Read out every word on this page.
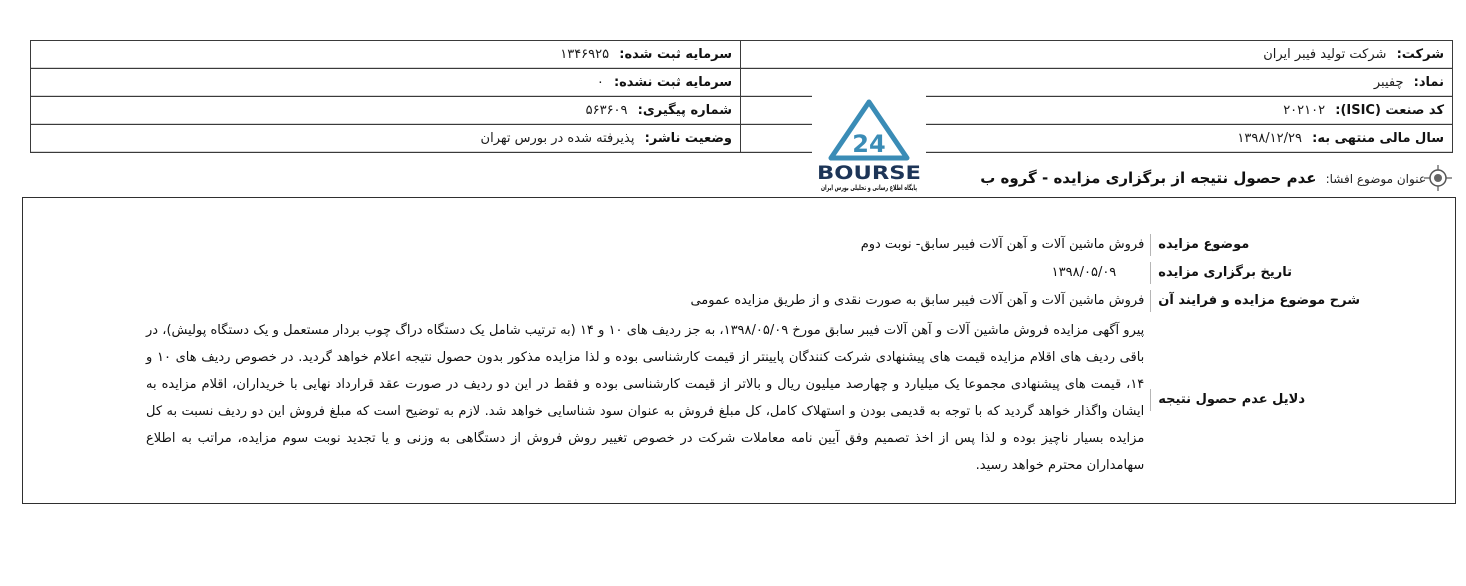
شرکت: شرکت تولید فیبر ایران	سرمایه ثبت شده: ۱۳۴۶۹۲۵
نماد: چفیبر	سرمایه ثبت نشده: ۰
کد صنعت (ISIC): ۲۰۲۱۰۲	شماره پیگیری: ۵۶۳۶۰۹
سال مالی منتهی به: ۱۳۹۸/۱۲/۲۹	وضعیت ناشر: پذیرفته شده در بورس تهران	24
BOURSE
پایگاه اطلاع رسانی و تحلیلی بورس ایران
عنوان موضوع افشا: عدم حصول نتیجه از برگزاری مزایده - گروه ب
موضوع مزایده	فروش ماشین آلات و آهن آلات فیبر سابق- نوبت دوم
تاریخ برگزاری مزایده	۱۳۹۸/۰۵/۰۹
شرح موضوع مزایده و فرایند آن	فروش ماشین آلات و آهن آلات فیبر سابق به صورت نقدی و از طریق مزایده عمومی
دلایل عدم حصول نتیجه	پیرو آگهی مزایده فروش ماشین آلات و آهن آلات فیبر سابق مورخ ۱۳۹۸/۰۵/۰۹، به جز ردیف های ۱۰ و ۱۴ (به ترتیب شامل یک دستگاه دراگ چوب بردار مستعمل و یک دستگاه پولیش)، در باقی ردیف های اقلام مزایده قیمت های پیشنهادی شرکت کنندگان پایینتر از قیمت کارشناسی بوده و لذا مزایده مذکور بدون حصول نتیجه اعلام خواهد گردید. در خصوص ردیف های ۱۰ و ۱۴، قیمت های پیشنهادی مجموعا یک میلیارد و چهارصد میلیون ریال و بالاتر از قیمت کارشناسی بوده و فقط در این دو ردیف در صورت عقد قرارداد نهایی با خریداران، اقلام مزایده به ایشان واگذار خواهد گردید که با توجه به قدیمی بودن و استهلاک کامل، کل مبلغ فروش به عنوان سود شناسایی خواهد شد. لازم به توضیح است که مبلغ فروش این دو ردیف نسبت به کل مزایده بسیار ناچیز بوده و لذا پس از اخذ تصمیم وفق آیین نامه معاملات شرکت در خصوص تغییر روش فروش از دستگاهی به وزنی و یا تجدید نوبت سوم مزایده، مراتب به اطلاع سهامداران محترم خواهد رسید.
